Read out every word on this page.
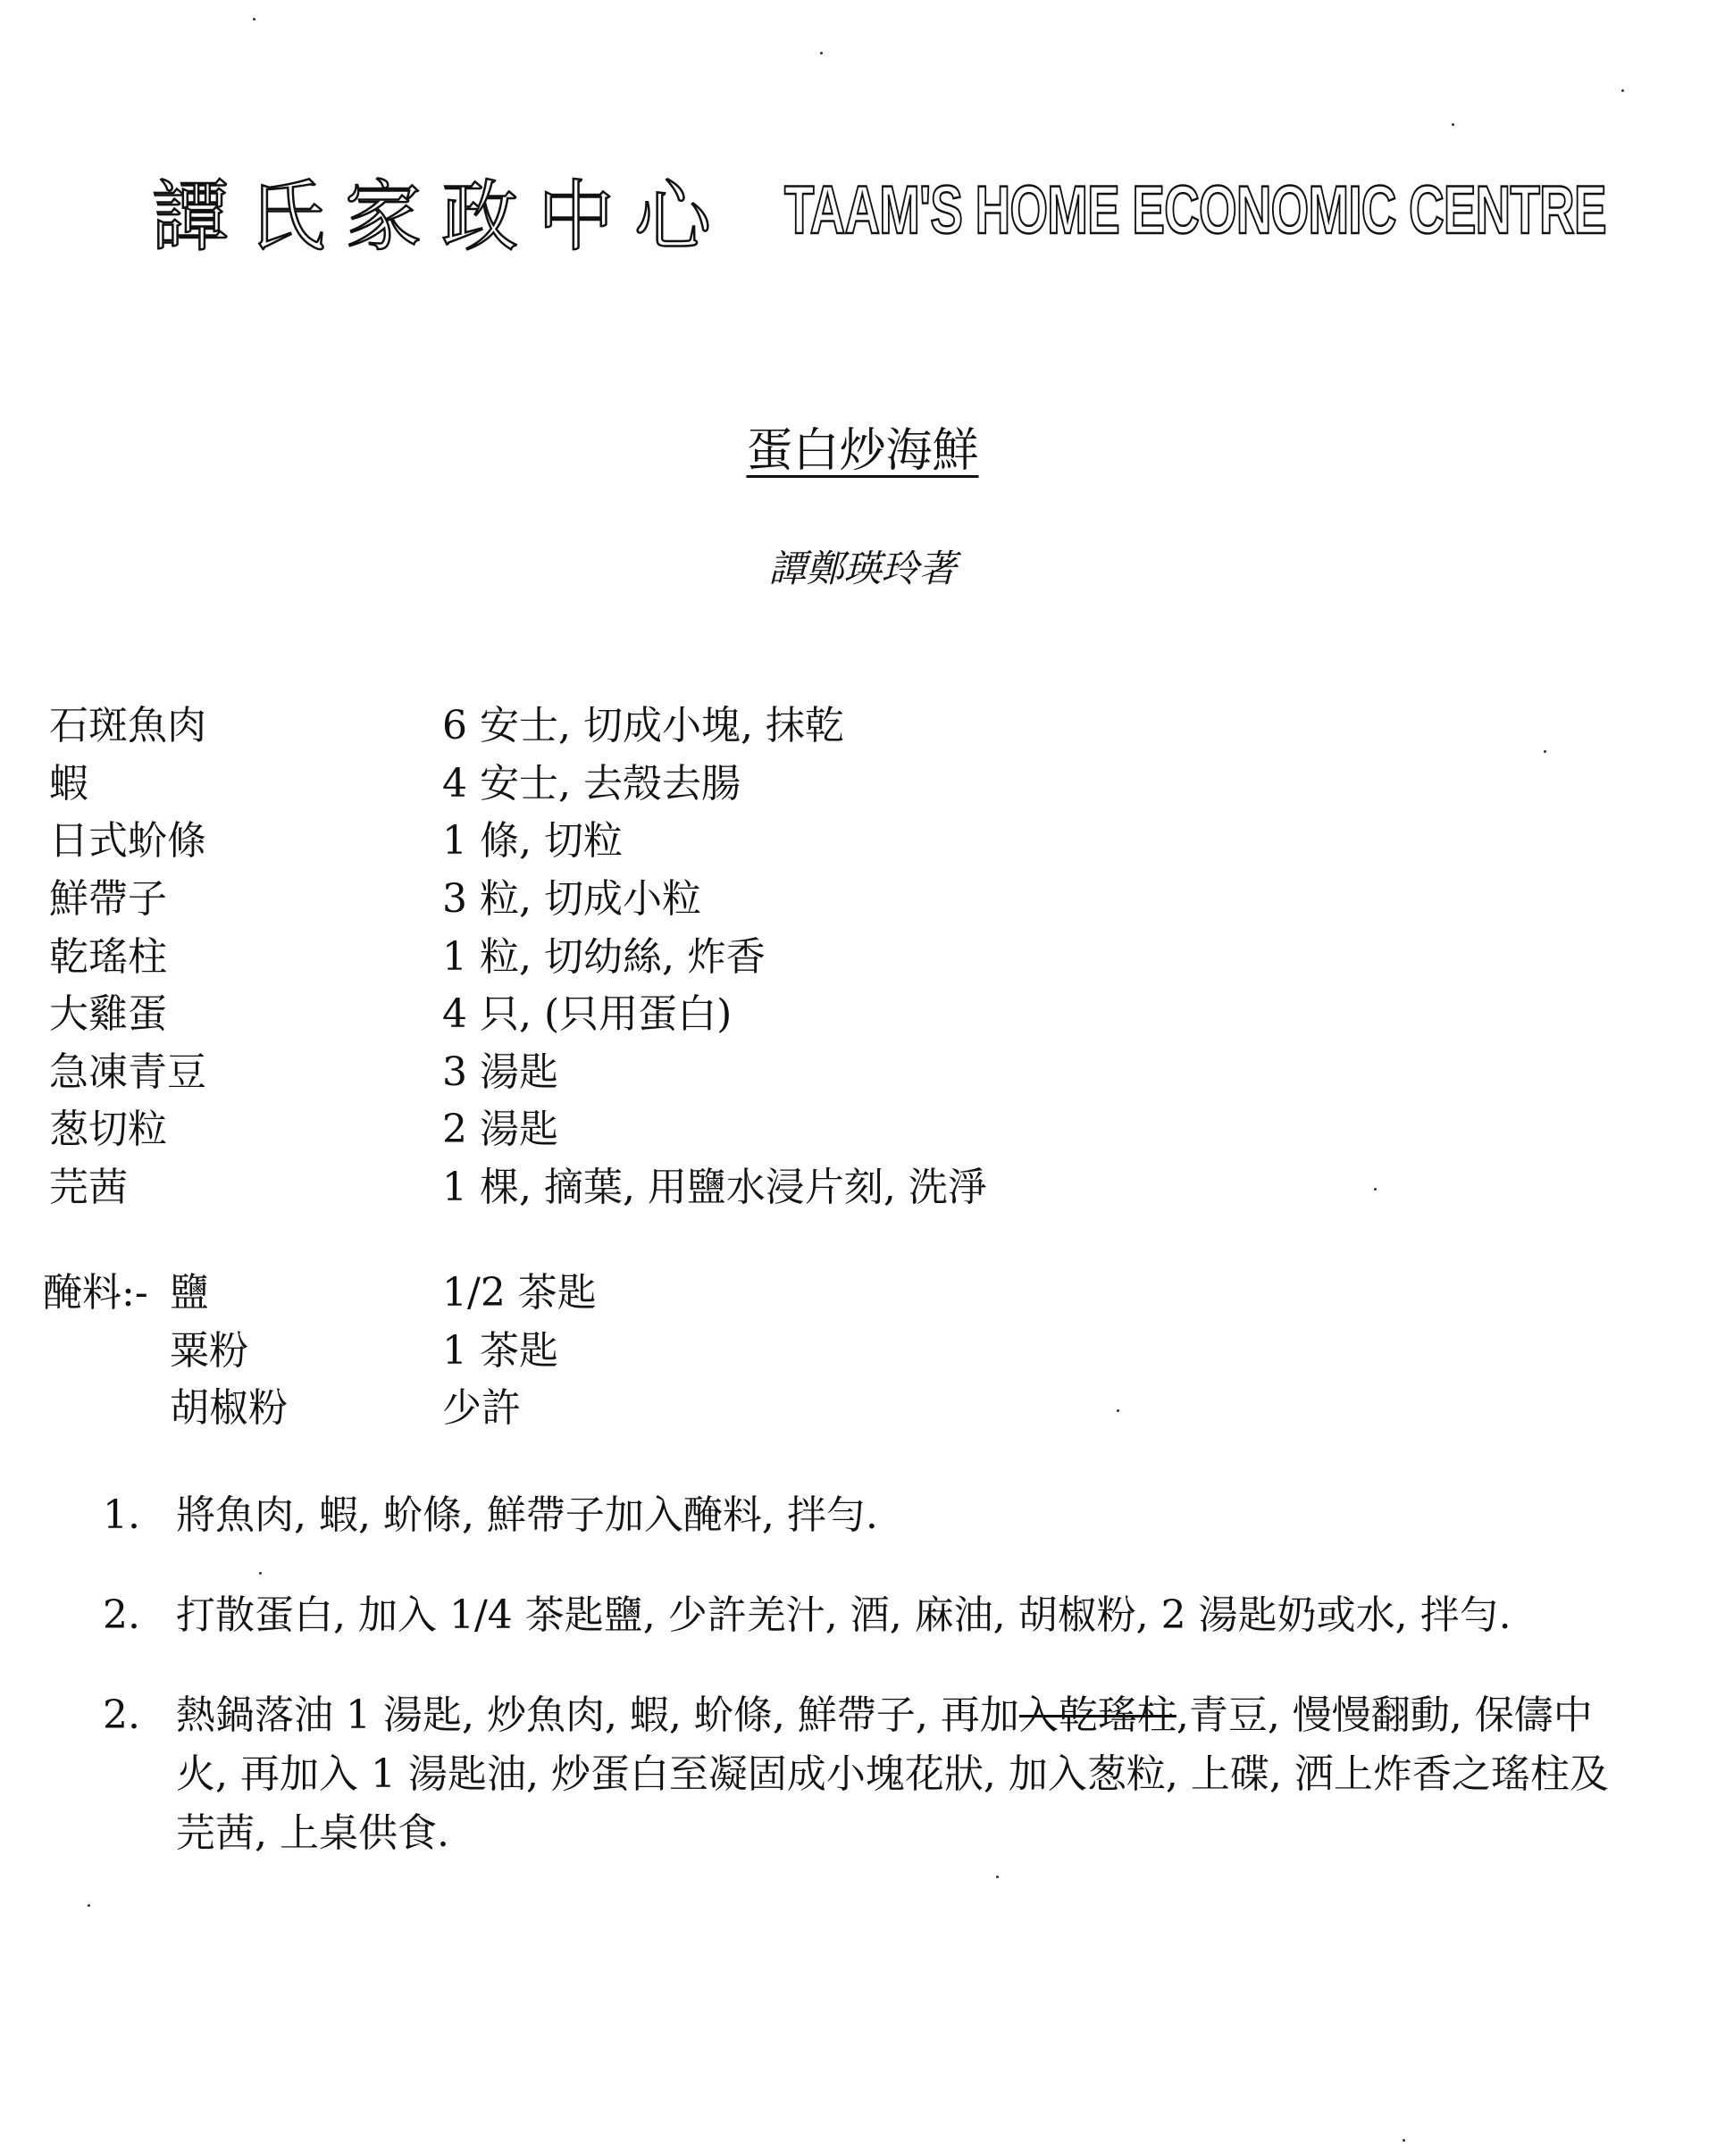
譚氏家政中心 TAAM'S HOME ECONOMIC CENTRE
蛋白炒海鮮
譚鄭瑛玲著
石斑魚肉	6 安士, 切成小塊, 抹乾
蝦	4 安士, 去殼去腸
日式蚧條	1 條, 切粒
鮮帶子	3 粒, 切成小粒
乾瑤柱	1 粒, 切幼絲, 炸香
大雞蛋	4 只, (只用蛋白)
急凍青豆	3 湯匙
葱切粒	2 湯匙
芫茜	1 棵, 摘葉, 用鹽水浸片刻, 洗淨
醃料:- 鹽	1/2 茶匙
粟粉	1 茶匙
胡椒粉	少許
1. 將魚肉, 蝦, 蚧條, 鮮帶子加入醃料, 拌勻.
2. 打散蛋白, 加入 1/4 茶匙鹽, 少許羌汁, 酒, 麻油, 胡椒粉, 2 湯匙奶或水, 拌勻.
2. 熱鍋落油 1 湯匙, 炒魚肉, 蝦, 蚧條, 鮮帶子, 再加入乾瑤柱,青豆, 慢慢翻動, 保儔中火, 再加入 1 湯匙油, 炒蛋白至凝固成小塊花狀, 加入葱粒, 上碟, 洒上炸香之瑤柱及芫茜, 上桌供食.
